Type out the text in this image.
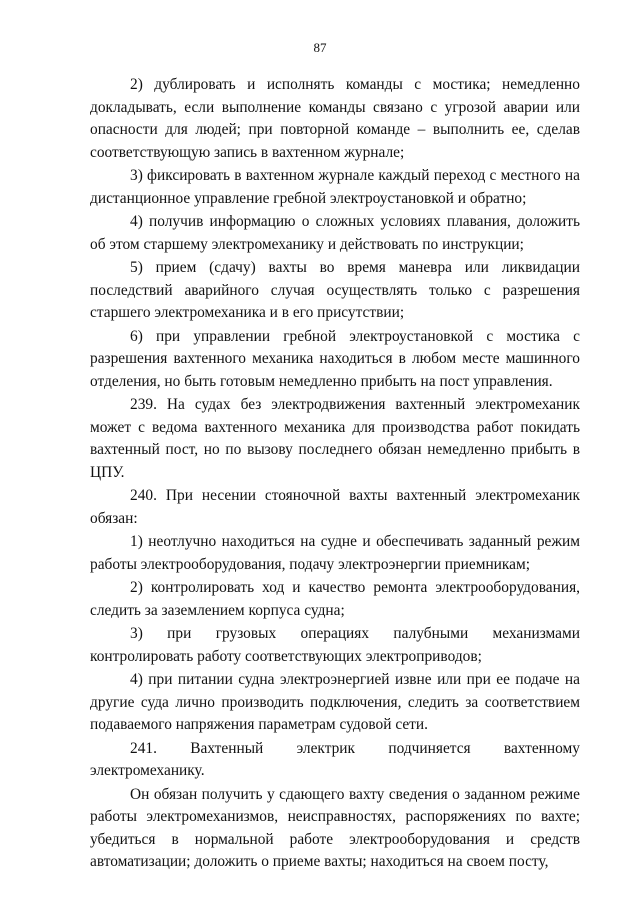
87

2) дублировать и исполнять команды с мостика; немедленно докладывать, если выполнение команды связано с угрозой аварии или опасности для людей; при повторной команде – выполнить ее, сделав соответствующую запись в вахтенном журнале;

3) фиксировать в вахтенном журнале каждый переход с местного на дистанционное управление гребной электроустановкой и обратно;

4) получив информацию о сложных условиях плавания, доложить об этом старшему электромеханику и действовать по инструкции;

5) прием (сдачу) вахты во время маневра или ликвидации последствий аварийного случая осуществлять только с разрешения старшего электромеханика и в его присутствии;

6) при управлении гребной электроустановкой с мостика с разрешения вахтенного механика находиться в любом месте машинного отделения, но быть готовым немедленно прибыть на пост управления.

239. На судах без электродвижения вахтенный электромеханик может с ведома вахтенного механика для производства работ покидать вахтенный пост, но по вызову последнего обязан немедленно прибыть в ЦПУ.

240. При несении стояночной вахты вахтенный электромеханик обязан:

1) неотлучно находиться на судне и обеспечивать заданный режим работы электрооборудования, подачу электроэнергии приемникам;

2) контролировать ход и качество ремонта электрооборудования, следить за заземлением корпуса судна;

3) при грузовых операциях палубными механизмами контролировать работу соответствующих электроприводов;

4) при питании судна электроэнергией извне или при ее подаче на другие суда лично производить подключения, следить за соответствием подаваемого напряжения параметрам судовой сети.

241. Вахтенный электрик подчиняется вахтенному электромеханику.

Он обязан получить у сдающего вахту сведения о заданном режиме работы электромеханизмов, неисправностях, распоряжениях по вахте; убедиться в нормальной работе электрооборудования и средств автоматизации; доложить о приеме вахты; находиться на своем посту,
